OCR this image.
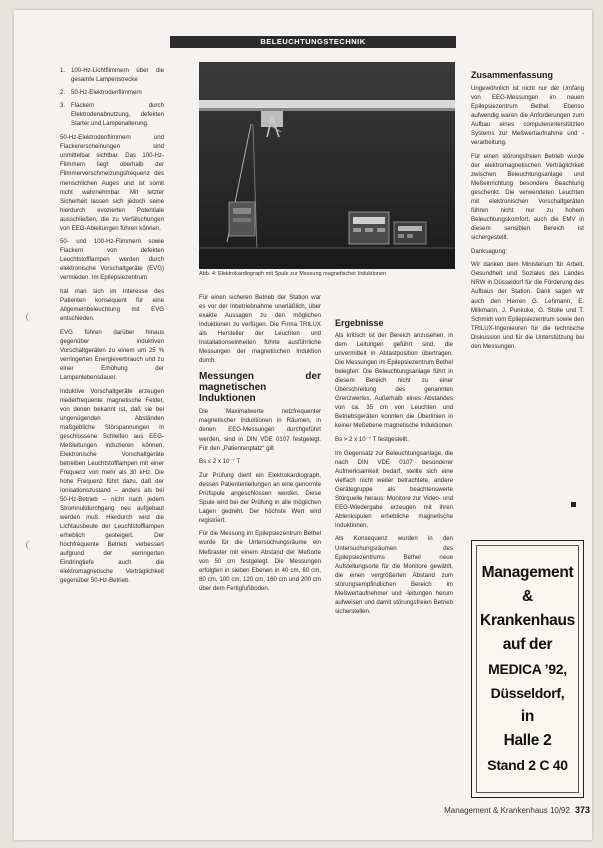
BELEUCHTUNGSTECHNIK
1. 100-Hz-Lichtflimmern über die gesamte Lampenstrecke
2. 50-Hz-Elektrodenflimmern
3. Flackern durch Elektrodenabnutzung, defekten Starter und Lampenalterung.

50-Hz-Elektrodenflimmern und Flackererscheinungen sind unmittelbar sichtbar. Das 100-Hz-Flimmern liegt oberhalb der Flimmerverschmelzungsfrequenz des menschlichen Auges und ist somit nicht wahrnehmbar. Mit letzter Sicherheit lassen sich jedoch seine hierdurch evozierten Potentiale ausschließen, die zu Verfälschungen von EEG-Ableitungen führen können.

50- und 100-Hz-Flimmern sowie Flackern von defekten Leuchtstofflampen werden durch elektronische Vorschaltgeräte (EVG) vermieden. Im Epilepsiezentrum

hat man sich im Interesse des Patienten konsequent für eine Allgemeinbeleuchtung mit EVG entschieden.

EVG führen darüber hinaus gegenüber induktiven Vorschaltgeräten zu einem um 25 % verringerten Energieverbrauch und zu einer Erhöhung der Lampenlebensdauer.

Induktive Vorschaltgeräte erzeugen niederfrequente magnetische Felder, von denen bekannt ist, daß sie bei ungenügenden Abständen maßgebliche Störspannungen in geschlossene Schleifen aus EEG-Meßleitungen induzieren können. Elektronische Vorschaltgeräte betreiben Leuchtstofflampen mit einer Frequenz von mehr als 30 kHz. Die hohe Frequenz führt dazu, daß der Ionisationszustand – anders als bei 50-Hz-Betrieb – nicht nach jedem Stromnulldurchgang neu aufgebaut werden muß. Hierdurch wird die Lichtausbeute der Leuchtstofflampen erheblich gesteigert. Der hochfrequente Betrieb verbessert aufgrund der verringerten Eindringtiefe auch die elektromagnetische Verträglichkeit gegenüber 50-Hz-Betrieb.

Abb. 4: Elektrokardiograph mit Spule zur Messung magnetischer Induktionen

Für einen sicheren Betrieb der Station war es vor der Inbetriebnahme unerläßlich, über exakte Aussagen zu den möglichen Induktionen zu verfügen. Die Firma TRILUX als Hersteller der Leuchten und Installationseinheiten führte ausführliche Messungen der magnetischen Induktion durch.

Messungen der magnetischen Induktionen

Die Maximalwerte netzfrequenter magnetischer Induktionen in Räumen, in denen EEG-Messungen durchgeführt werden, sind in DIN VDE 0107 festgelegt. Für den „Patientenplatz“ gilt

Bs ≤ 2 x 10⁻⁷ T

Zur Prüfung dient ein Elektrokardiograph, dessen Patientenleitungen an eine genormte Prüfspule angeschlossen werden. Diese Spule wird bei der Prüfung in alle möglichen Lagen gedreht. Der höchste Wert wird registriert.

Für die Messung im Epilepsiezentrum Bethel wurde für die Untersuchungsräume ein Meßraster mit einem Abstand der Meßorte von 50 cm festgelegt. Die Messungen erfolgten in sieben Ebenen in 40 cm, 60 cm, 80 cm, 100 cm, 120 cm, 160 cm und 200 cm über dem Fertigfußboden.

Ergebnisse

Als kritisch ist der Bereich anzusehen, in dem Leitungen geführt sind, die unvermittelt in Abtastposition übertragen. Die Messungen im Epilepsiezentrum Bethel belegten: Die Beleuchtungsanlage führt in diesem Bereich nicht zu einer Überschreitung des genannten Grenzwertes. Außerhalb eines Abstandes von ca. 35 cm von Leuchten und Betriebsgeräten konnten die Überlinien in keiner Meßebene magnetische Induktionen

Bs > 2 x 10⁻⁷ T festgestellt.

Im Gegensatz zur Beleuchtungsanlage, die nach DIN VDE 0107 besonderer Aufmerksamkeit bedarf, stellte sich eine vielfach nicht weiter betrachtete, andere Gerätegruppe als beachtenswerte Störquelle heraus: Monitore zur Video- und EEG-Wiedergabe erzeugen mit ihren Ablenkspulen erhebliche magnetische Induktionen.

Als Konsequenz wurden in den Untersuchungsräumen des Epilepsiezentrums Bethel neue Aufstellungsorte für die Monitore gewählt, die einen vergrößerten Abstand zum störungsempfindlichen Bereich im Meßwertaufnehmer und -leitungen herum aufweisen und damit störungsfreien Betrieb sicherstellen.

Zusammenfassung

Ungewöhnlich ist nicht nur der Umfang von EEG-Messungen im neuen Epilepsiezentrum Bethel. Ebenso aufwendig waren die Anforderungen zum Aufbau eines computerunterstützten Systems zur Meßwertaufnahme und -verarbeitung.

Für einen störungsfreien Betrieb wurde der elektromagnetischen Verträglichkeit zwischen Beleuchtungsanlage und Meßeinrichtung besondere Beachtung geschenkt. Die verwendeten Leuchten mit elektronischen Vorschaltgeräten führen nicht nur zu hohem Beleuchtungskomfort, auch die EMV in diesem sensiblen Bereich ist sichergestellt.

Danksagung:

Wir danken dem Ministerium für Arbeit, Gesundheit und Soziales des Landes NRW in Düsseldorf für die Förderung des Aufbaus der Station. Dank sagen wir auch den Herren G. Lehmann, E. Milkmann, J. Punkoke, G. Stolle und T. Schmidt vom Epilepsiezentrum sowie den TRILUX-Ingenieuren für die technische Diskussion und für die Unterstützung bei den Messungen.

Management
&
Krankenhaus
auf der
MEDICA ’92,
Düsseldorf,
in
Halle 2
Stand 2 C 40
Management & Krankenhaus 10/92 373
